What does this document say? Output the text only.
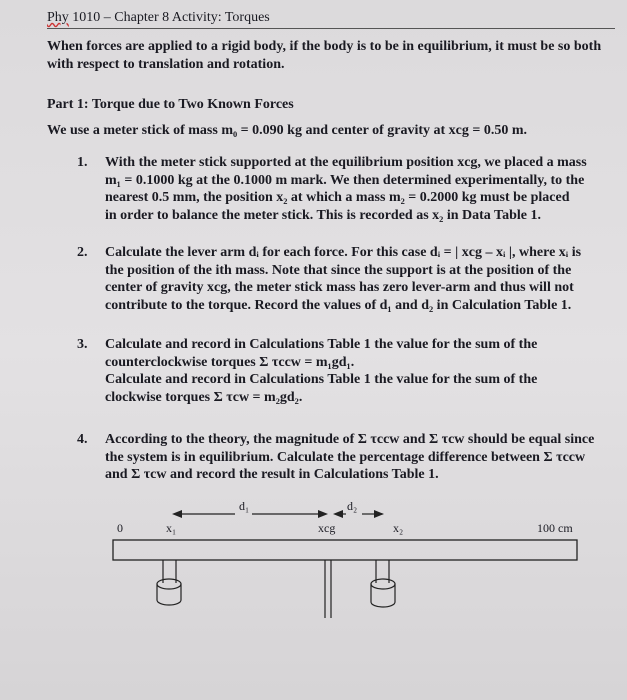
Phy 1010 – Chapter 8 Activity: Torques
When forces are applied to a rigid body, if the body is to be in equilibrium, it must be so both with respect to translation and rotation.
Part 1: Torque due to Two Known Forces
We use a meter stick of mass m₀ = 0.090 kg and center of gravity at xcg = 0.50 m.
1. With the meter stick supported at the equilibrium position xcg, we placed a mass
m₁ = 0.1000 kg at the 0.1000 m mark. We then determined experimentally, to the
nearest 0.5 mm, the position x₂ at which a mass m₂ = 0.2000 kg must be placed
in order to balance the meter stick. This is recorded as x₂ in Data Table 1.
2. Calculate the lever arm dᵢ for each force. For this case dᵢ = | xcg – xᵢ |, where xᵢ is
the position of the ith mass. Note that since the support is at the position of the
center of gravity xcg, the meter stick mass has zero lever-arm and thus will not
contribute to the torque. Record the values of d₁ and d₂ in Calculation Table 1.
3. Calculate and record in Calculations Table 1 the value for the sum of the
counterclockwise torques Σ τccw = m₁gd₁.
Calculate and record in Calculations Table 1 the value for the sum of the
clockwise torques Σ τcw = m₂gd₂.
4. According to the theory, the magnitude of Σ τccw and Σ τcw should be equal since
the system is in equilibrium. Calculate the percentage difference between Σ τccw
and Σ τcw and record the result in Calculations Table 1.
d₁	d₂
0	x₁	xcg	x₂	100 cm
